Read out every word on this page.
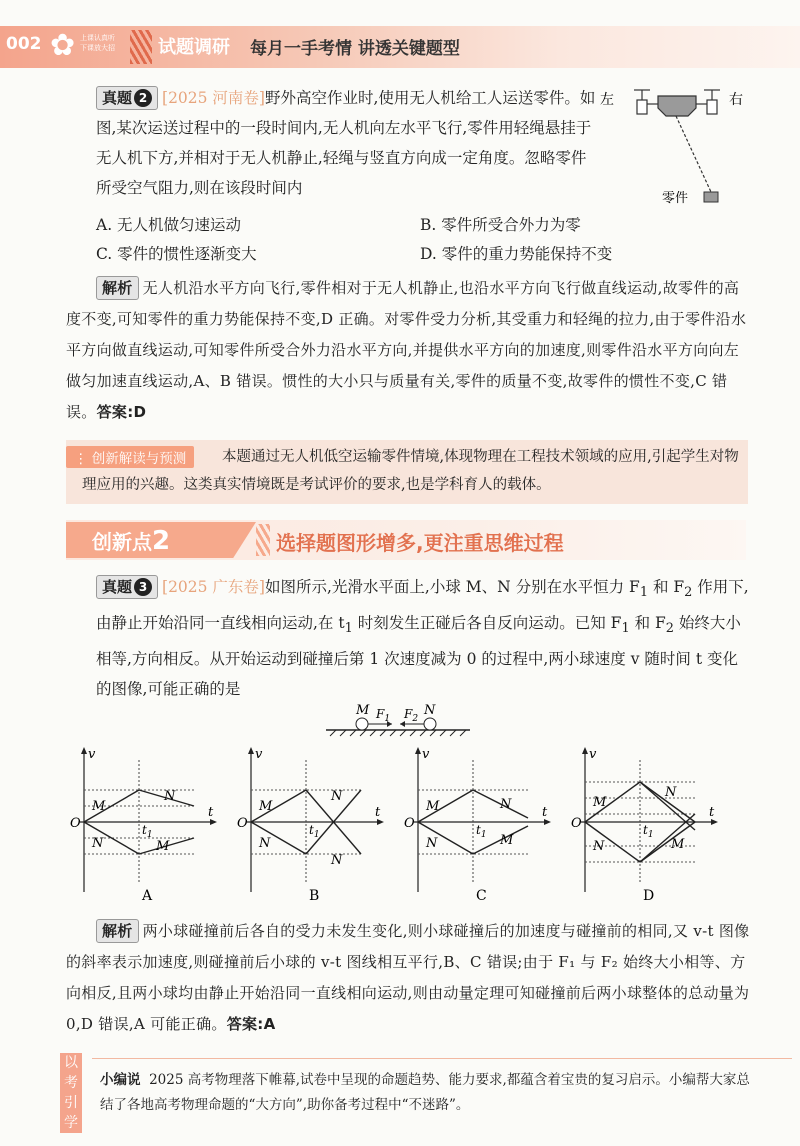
002 ✿ 上课认真听 下课放大招 试题调研 每月一手考情 讲透关键题型
真题 2 [2025 河南卷]野外高空作业时,使用无人机给工人运送零件。如图,某次运送过程中的一段时间内,无人机向左水平飞行,零件用轻绳悬挂于无人机下方,并相对于无人机静止,轻绳与竖直方向成一定角度。忽略零件所受空气阻力,则在该段时间内
左	右
零件
A. 无人机做匀速运动	B. 零件所受合外力为零
C. 零件的惯性逐渐变大	D. 零件的重力势能保持不变
解析 无人机沿水平方向飞行,零件相对于无人机静止,也沿水平方向飞行做直线运动,故零件的高度不变,可知零件的重力势能保持不变,D 正确。对零件受力分析,其受重力和轻绳的拉力,由于零件沿水平方向做直线运动,可知零件所受合外力沿水平方向,并提供水平方向的加速度,则零件沿水平方向向左做匀加速直线运动,A、B 错误。惯性的大小只与质量有关,零件的质量不变,故零件的惯性不变,C 错误。答案:D
本题通过无人机低空运输零件情境,体现物理在工程技术领域的应用,引起学生对物理应用的兴趣。这类真实情境既是考试评价的要求,也是学科育人的载体。
⋮ 创新解读与预测
创新点2	选择题图形增多,更注重思维过程
真题 3 [2025 广东卷]如图所示,光滑水平面上,小球 M、N 分别在水平恒力 $F_1$ 和 $F_2$ 作用下,由静止开始沿同一直线相向运动,在 $t_1$ 时刻发生正碰后各自反向运动。已知 $F_1$ 和 $F_2$ 始终大小相等,方向相反。从开始运动到碰撞后第 1 次速度减为 0 的过程中,两小球速度 v 随时间 t 变化的图像,可能正确的是
M	N
$F_1$ $F_2$
v
t
O	$t_1$
M
N
N	M
A
v
t
O	$t_1$
M
N
N
N
B
v
t
O	$t_1$
M	N
N	M
C
v
t
O	$t_1$
M
N
N	M
D
解析 两小球碰撞前后各自的受力未发生变化,则小球碰撞后的加速度与碰撞前的相同,又 v-t 图像的斜率表示加速度,则碰撞前后小球的 v-t 图线相互平行,B、C 错误;由于 F₁ 与 F₂ 始终大小相等、方向相反,且两小球均由静止开始沿同一直线相向运动,则由动量定理可知碰撞前后两小球整体的总动量为 0,D 错误,A 可能正确。答案:A
以考引学
小编说 2025 高考物理落下帷幕,试卷中呈现的命题趋势、能力要求,都蕴含着宝贵的复习启示。小编帮大家总结了各地高考物理命题的“大方向”,助你备考过程中“不迷路”。
